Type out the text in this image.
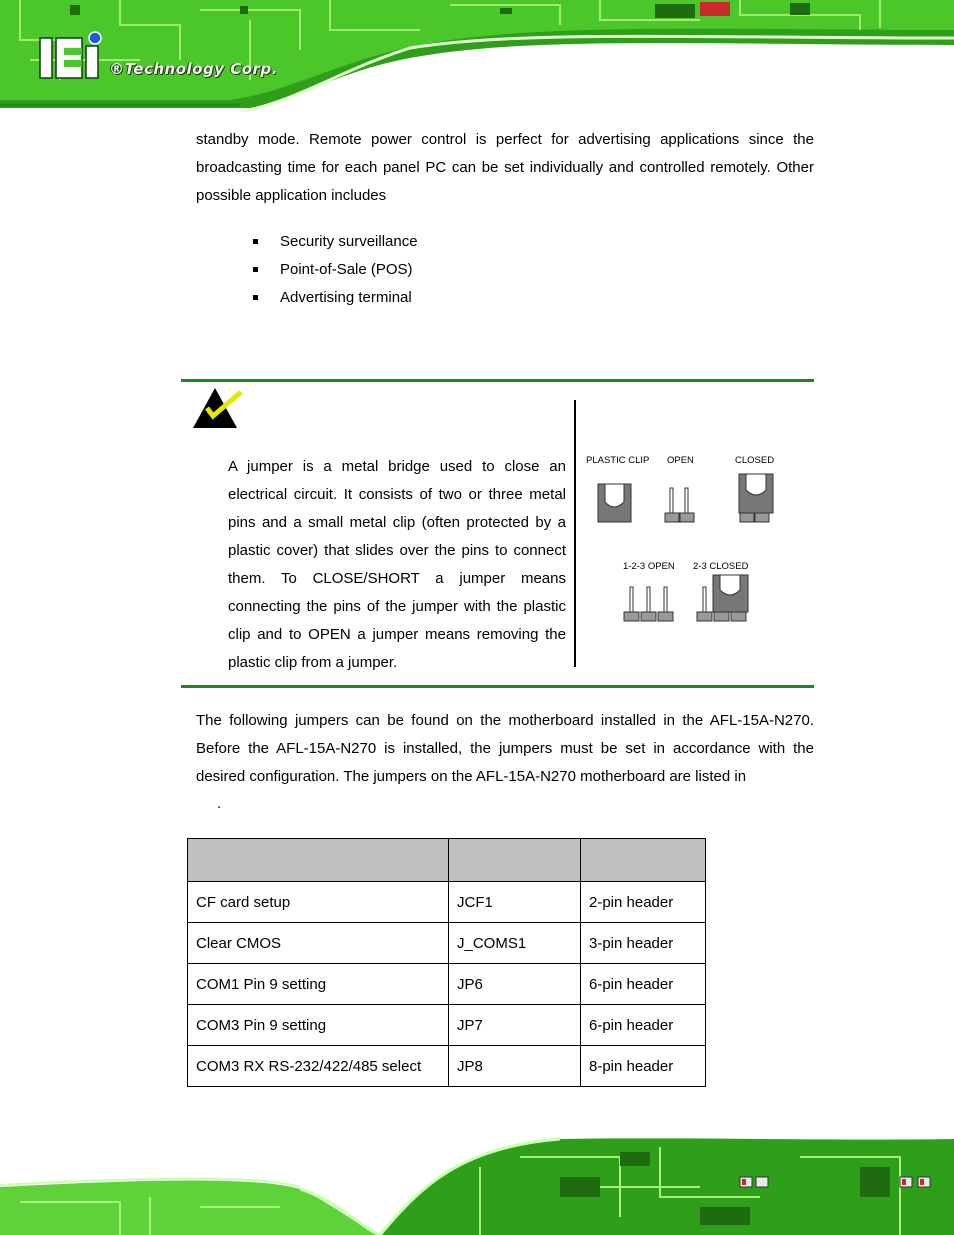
®Technology Corp.
standby mode. Remote power control is perfect for advertising applications since the broadcasting time for each panel PC can be set individually and controlled remotely. Other possible application includes
Security surveillance
Point-of-Sale (POS)
Advertising terminal
A jumper is a metal bridge used to close an electrical circuit. It consists of two or three metal pins and a small metal clip (often protected by a plastic cover) that slides over the pins to connect them. To CLOSE/SHORT a jumper means connecting the pins of the jumper with the plastic clip and to OPEN a jumper means removing the plastic clip from a jumper.
PLASTIC CLIP OPEN	CLOSED
1-2-3 OPEN 2-3 CLOSED
The following jumpers can be found on the motherboard installed in the AFL-15A-N270. Before the AFL-15A-N270 is installed, the jumpers must be set in accordance with the desired configuration. The jumpers on the AFL-15A-N270 motherboard are listed in
.

CF card setup	JCF1	2-pin header
Clear CMOS	J_COMS1	3-pin header
COM1 Pin 9 setting	JP6	6-pin header
COM3 Pin 9 setting	JP7	6-pin header
COM3 RX RS-232/422/485 select	JP8	8-pin header
